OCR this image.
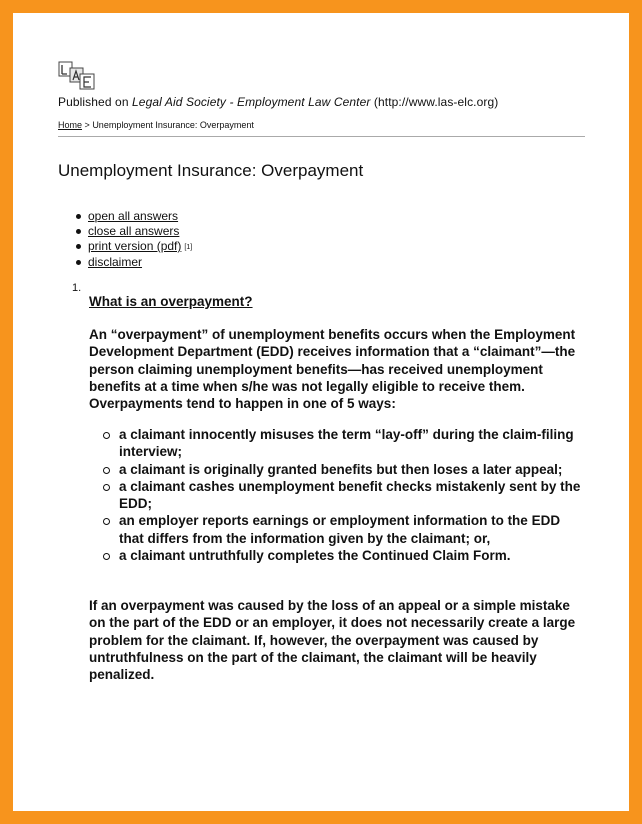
Published on Legal Aid Society - Employment Law Center (http://www.las-elc.org)
Home > Unemployment Insurance: Overpayment
Unemployment Insurance: Overpayment
open all answers
close all answers
print version (pdf) [1]
disclaimer
1.
What is an overpayment?

An “overpayment” of unemployment benefits occurs when the Employment Development Department (EDD) receives information that a “claimant”—the person claiming unemployment benefits—has received unemployment benefits at a time when s/he was not legally eligible to receive them. Overpayments tend to happen in one of 5 ways:

a claimant innocently misuses the term “lay-off” during the claim-filing interview;
a claimant is originally granted benefits but then loses a later appeal;
a claimant cashes unemployment benefit checks mistakenly sent by the EDD;
an employer reports earnings or employment information to the EDD that differs from the information given by the claimant; or,
a claimant untruthfully completes the Continued Claim Form.

If an overpayment was caused by the loss of an appeal or a simple mistake on the part of the EDD or an employer, it does not necessarily create a large problem for the claimant. If, however, the overpayment was caused by untruthfulness on the part of the claimant, the claimant will be heavily penalized.
